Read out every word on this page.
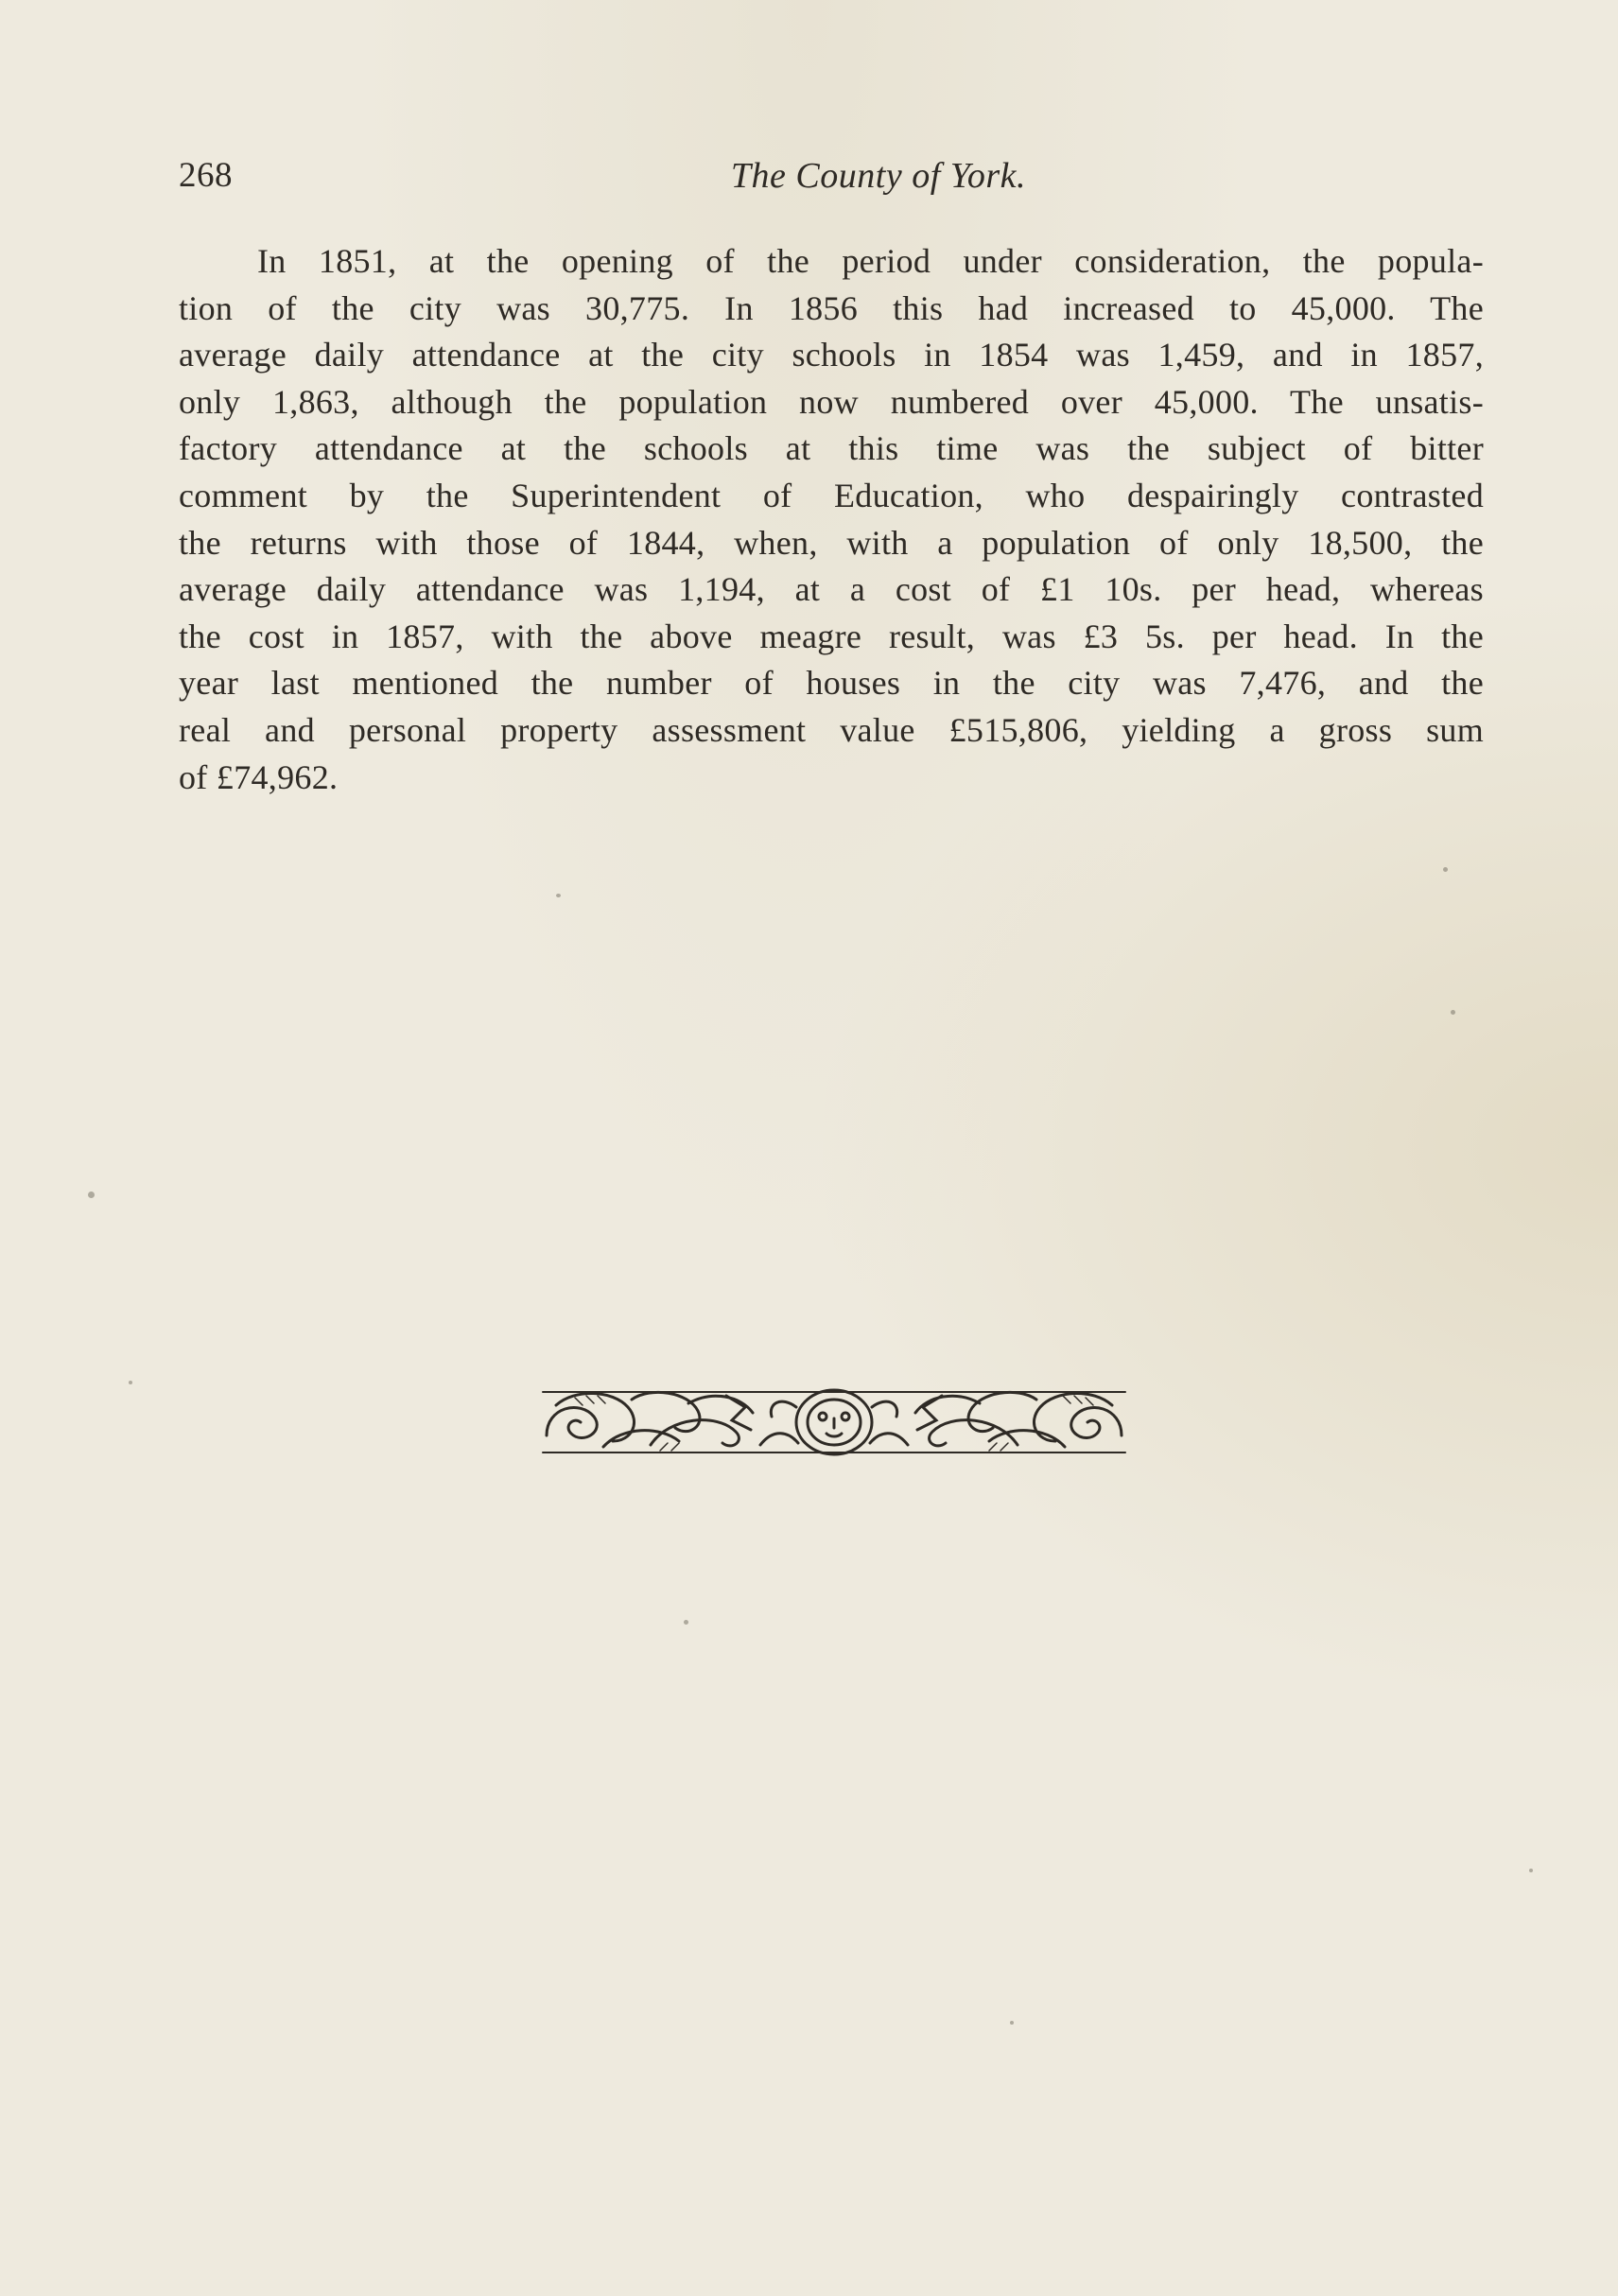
268	The County of York.
In 1851, at the opening of the period under consideration, the popula-
tion of the city was 30,775. In 1856 this had increased to 45,000. The
average daily attendance at the city schools in 1854 was 1,459, and in 1857,
only 1,863, although the population now numbered over 45,000. The unsatis-
factory attendance at the schools at this time was the subject of bitter
comment by the Superintendent of Education, who despairingly contrasted
the returns with those of 1844, when, with a population of only 18,500, the
average daily attendance was 1,194, at a cost of £1 10s. per head, whereas
the cost in 1857, with the above meagre result, was £3 5s. per head. In the
year last mentioned the number of houses in the city was 7,476, and the
real and personal property assessment value £515,806, yielding a gross sum
of £74,962.
